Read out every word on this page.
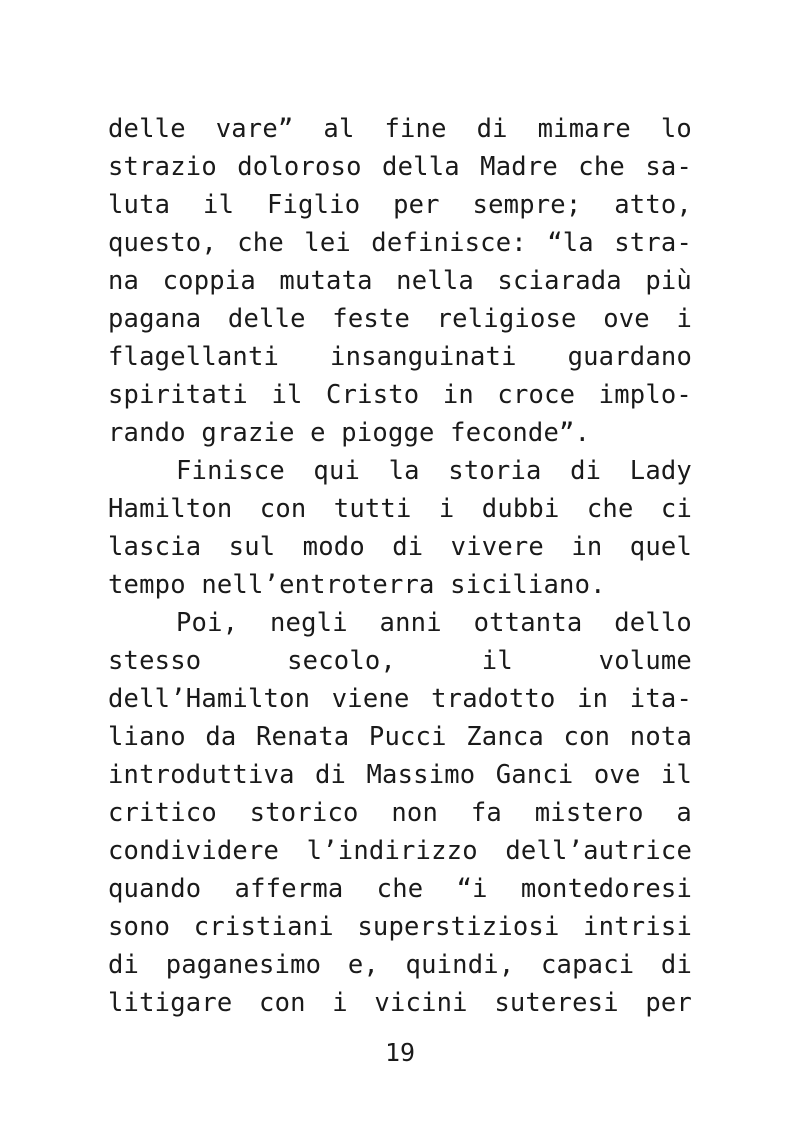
delle vare” al fine di mimare lo
strazio doloroso della Madre che sa-
luta il Figlio per sempre; atto,
questo, che lei definisce: “la stra-
na coppia mutata nella sciarada più
pagana delle feste religiose ove i
flagellanti insanguinati guardano
spiritati il Cristo in croce implo-
rando grazie e piogge feconde”.
Finisce qui la storia di Lady
Hamilton con tutti i dubbi che ci
lascia sul modo di vivere in quel
tempo nell’entroterra siciliano.
Poi, negli anni ottanta dello
stesso secolo, il volume
dell’Hamilton viene tradotto in ita-
liano da Renata Pucci Zanca con nota
introduttiva di Massimo Ganci ove il
critico storico non fa mistero a
condividere l’indirizzo dell’autrice
quando afferma che “i montedoresi
sono cristiani superstiziosi intrisi
di paganesimo e, quindi, capaci di
litigare con i vicini suteresi per
19
